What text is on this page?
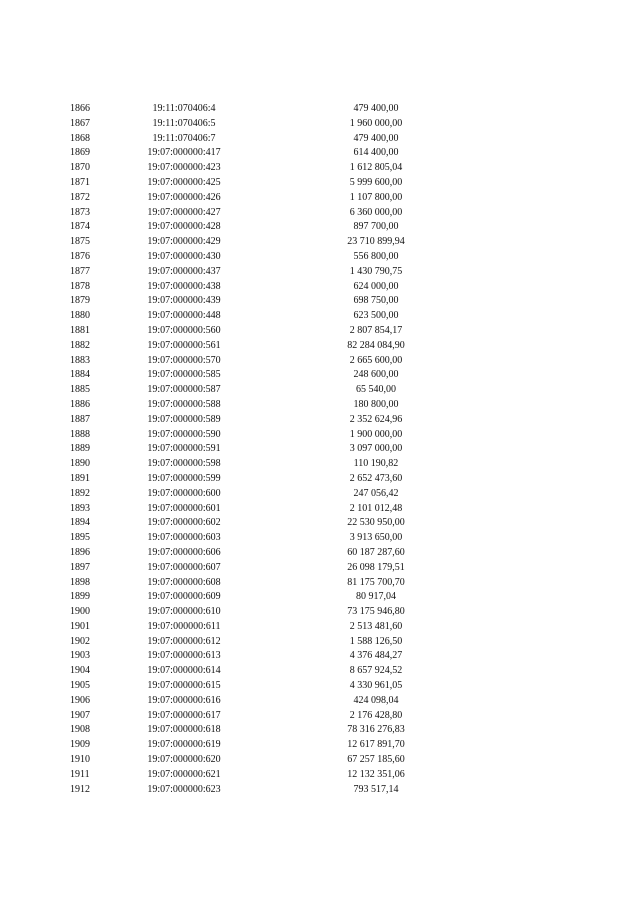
1866	19:11:070406:4	479 400,00
1867	19:11:070406:5	1 960 000,00
1868	19:11:070406:7	479 400,00
1869	19:07:000000:417	614 400,00
1870	19:07:000000:423	1 612 805,04
1871	19:07:000000:425	5 999 600,00
1872	19:07:000000:426	1 107 800,00
1873	19:07:000000:427	6 360 000,00
1874	19:07:000000:428	897 700,00
1875	19:07:000000:429	23 710 899,94
1876	19:07:000000:430	556 800,00
1877	19:07:000000:437	1 430 790,75
1878	19:07:000000:438	624 000,00
1879	19:07:000000:439	698 750,00
1880	19:07:000000:448	623 500,00
1881	19:07:000000:560	2 807 854,17
1882	19:07:000000:561	82 284 084,90
1883	19:07:000000:570	2 665 600,00
1884	19:07:000000:585	248 600,00
1885	19:07:000000:587	65 540,00
1886	19:07:000000:588	180 800,00
1887	19:07:000000:589	2 352 624,96
1888	19:07:000000:590	1 900 000,00
1889	19:07:000000:591	3 097 000,00
1890	19:07:000000:598	110 190,82
1891	19:07:000000:599	2 652 473,60
1892	19:07:000000:600	247 056,42
1893	19:07:000000:601	2 101 012,48
1894	19:07:000000:602	22 530 950,00
1895	19:07:000000:603	3 913 650,00
1896	19:07:000000:606	60 187 287,60
1897	19:07:000000:607	26 098 179,51
1898	19:07:000000:608	81 175 700,70
1899	19:07:000000:609	80 917,04
1900	19:07:000000:610	73 175 946,80
1901	19:07:000000:611	2 513 481,60
1902	19:07:000000:612	1 588 126,50
1903	19:07:000000:613	4 376 484,27
1904	19:07:000000:614	8 657 924,52
1905	19:07:000000:615	4 330 961,05
1906	19:07:000000:616	424 098,04
1907	19:07:000000:617	2 176 428,80
1908	19:07:000000:618	78 316 276,83
1909	19:07:000000:619	12 617 891,70
1910	19:07:000000:620	67 257 185,60
1911	19:07:000000:621	12 132 351,06
1912	19:07:000000:623	793 517,14
